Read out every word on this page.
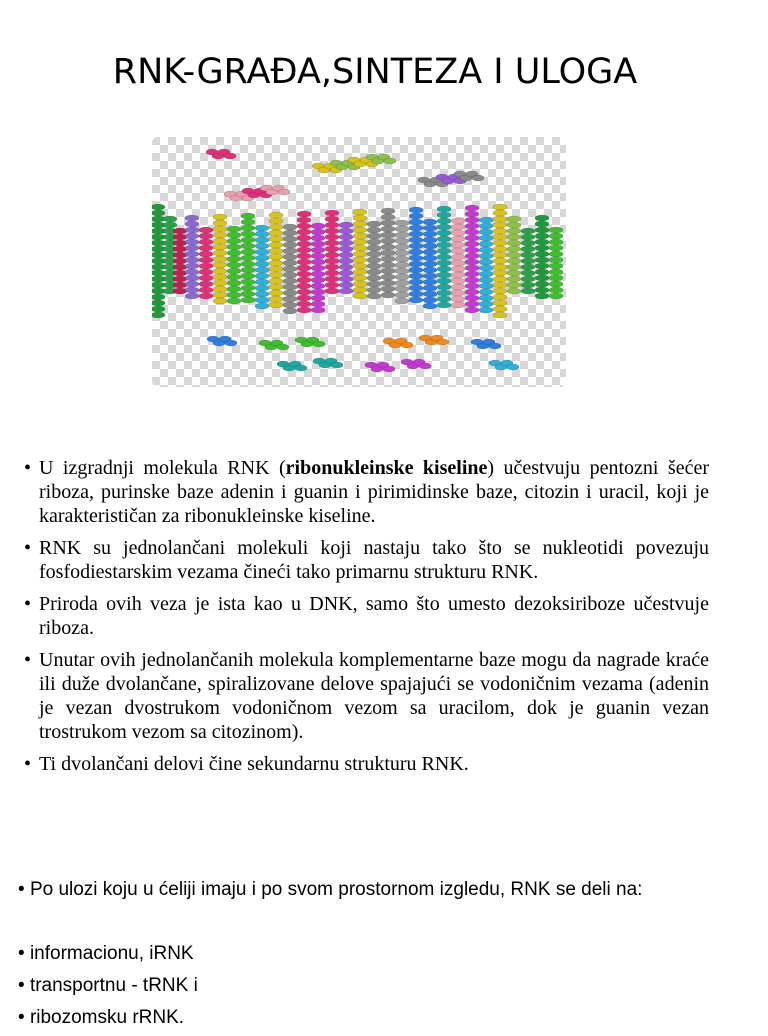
RNK-GRAĐA,SINTEZA I ULOGA
• U izgradnji molekula RNK (ribonukleinske kiseline) učestvuju pentozni šećer riboza, purinske baze adenin i guanin i pirimidinske baze, citozin i uracil, koji je karakterističan za ribonukleinske kiseline.
• RNK su jednolančani molekuli koji nastaju tako što se nukleotidi povezuju fosfodiestarskim vezama čineći tako primarnu strukturu RNK.
• Priroda ovih veza je ista kao u DNK, samo što umesto dezoksiriboze učestvuje riboza.
• Unutar ovih jednolančanih molekula komplementarne baze mogu da nagrade kraće ili duže dvolančane, spiralizovane delove spajajući se vodoničnim vezama (adenin je vezan dvostrukom vodoničnom vezom sa uracilom, dok je guanin vezan trostrukom vezom sa citozinom).
• Ti dvolančani delovi čine sekundarnu strukturu RNK.

• Po ulozi koju u ćeliji imaju i po svom prostornom izgledu, RNK se deli na:

• informacionu, iRNK

• transportnu - tRNK i

• ribozomsku rRNK.
